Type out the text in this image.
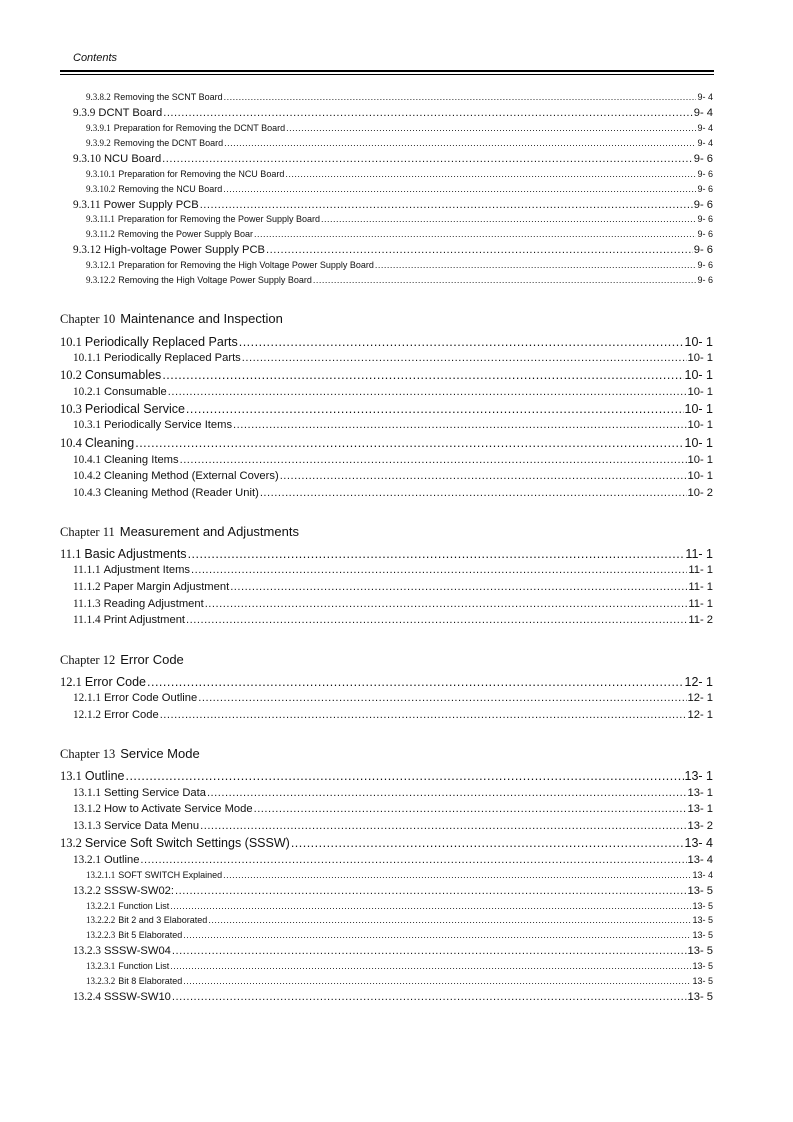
Contents
9.3.8.2 Removing the SCNT Board .....	9- 4
9.3.9 DCNT Board .....	9- 4
9.3.9.1 Preparation for Removing the DCNT Board .....	9- 4
9.3.9.2 Removing the DCNT Board .....	9- 4
9.3.10 NCU Board .....	9- 6
9.3.10.1 Preparation for Removing the NCU Board .....	9- 6
9.3.10.2 Removing the NCU Board .....	9- 6
9.3.11 Power Supply PCB .....	9- 6
9.3.11.1 Preparation for Removing the Power Supply Board .....	9- 6
9.3.11.2 Removing the Power Supply Boar .....	9- 6
9.3.12 High-voltage Power Supply PCB .....	9- 6
9.3.12.1 Preparation for Removing the High Voltage Power Supply Board .....	9- 6
9.3.12.2 Removing the High Voltage Power Supply Board .....	9- 6
Chapter 10 Maintenance and Inspection
10.1 Periodically Replaced Parts .....	10- 1
10.1.1 Periodically Replaced Parts .....	10- 1
10.2 Consumables .....	10- 1
10.2.1 Consumable .....	10- 1
10.3 Periodical Service .....	10- 1
10.3.1 Periodically Service Items .....	10- 1
10.4 Cleaning .....	10- 1
10.4.1 Cleaning Items .....	10- 1
10.4.2 Cleaning Method (External Covers) .....	10- 1
10.4.3 Cleaning Method (Reader Unit) .....	10- 2
Chapter 11 Measurement and Adjustments
11.1 Basic Adjustments .....	11- 1
11.1.1 Adjustment Items .....	11- 1
11.1.2 Paper Margin Adjustment .....	11- 1
11.1.3 Reading Adjustment .....	11- 1
11.1.4 Print Adjustment .....	11- 2
Chapter 12 Error Code
12.1 Error Code .....	12- 1
12.1.1 Error Code Outline .....	12- 1
12.1.2 Error Code .....	12- 1
Chapter 13 Service Mode
13.1 Outline .....	13- 1
13.1.1 Setting Service Data .....	13- 1
13.1.2 How to Activate Service Mode .....	13- 1
13.1.3 Service Data Menu .....	13- 2
13.2 Service Soft Switch Settings (SSSW) .....	13- 4
13.2.1 Outline .....	13- 4
13.2.1.1 SOFT SWITCH Explained .....	13- 4
13.2.2 SSSW-SW02: .....	13- 5
13.2.2.1 Function List .....	13- 5
13.2.2.2 Bit 2 and 3 Elaborated .....	13- 5
13.2.2.3 Bit 5 Elaborated .....	13- 5
13.2.3 SSSW-SW04 .....	13- 5
13.2.3.1 Function List .....	13- 5
13.2.3.2 Bit 8 Elaborated .....	13- 5
13.2.4 SSSW-SW10 .....	13- 5
